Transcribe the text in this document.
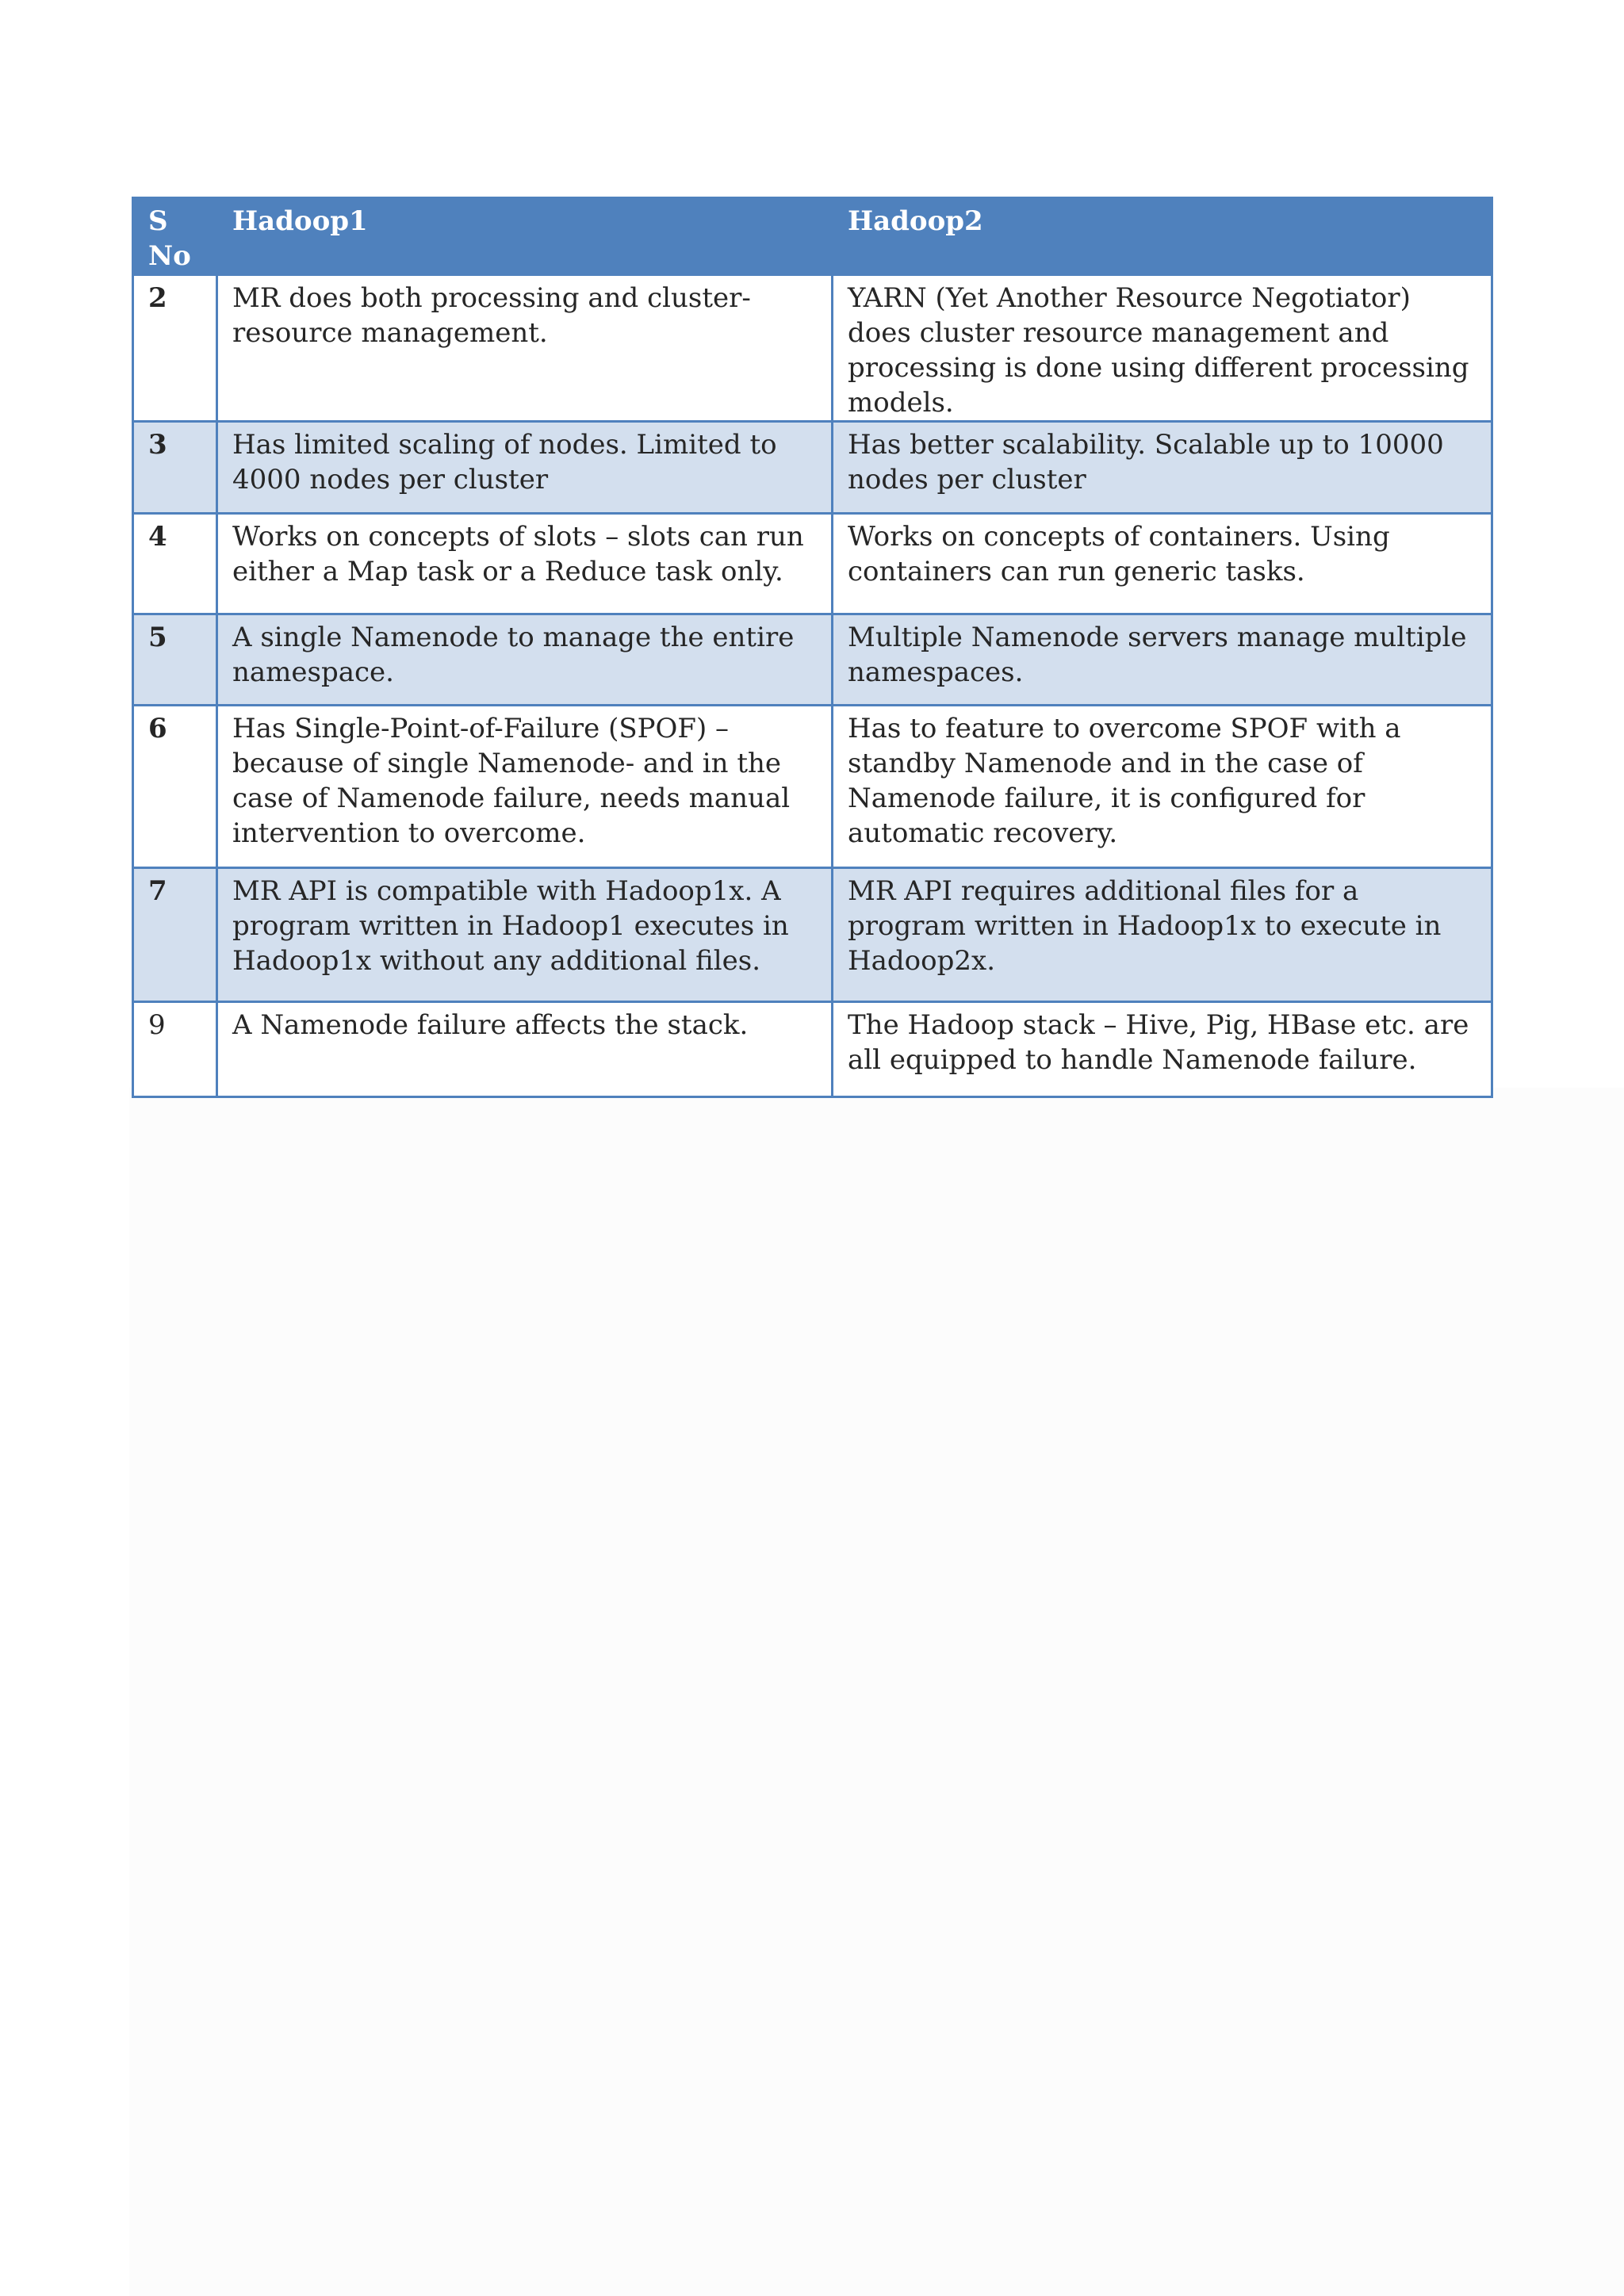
S No	Hadoop1	Hadoop2
2	MR does both processing and cluster-resource management.	YARN (Yet Another Resource Negotiator) does cluster resource management and processing is done using different processing models.
3	Has limited scaling of nodes. Limited to 4000 nodes per cluster	Has better scalability. Scalable up to 10000 nodes per cluster
4	Works on concepts of slots – slots can run either a Map task or a Reduce task only.	Works on concepts of containers. Using containers can run generic tasks.
5	A single Namenode to manage the entire namespace.	Multiple Namenode servers manage multiple namespaces.
6	Has Single-Point-of-Failure (SPOF) – because of single Namenode- and in the case of Namenode failure, needs manual intervention to overcome.	Has to feature to overcome SPOF with a standby Namenode and in the case of Namenode failure, it is configured for automatic recovery.
7	MR API is compatible with Hadoop1x. A program written in Hadoop1 executes in Hadoop1x without any additional files.	MR API requires additional files for a program written in Hadoop1x to execute in Hadoop2x.
9	A Namenode failure affects the stack.	The Hadoop stack – Hive, Pig, HBase etc. are all equipped to handle Namenode failure.
